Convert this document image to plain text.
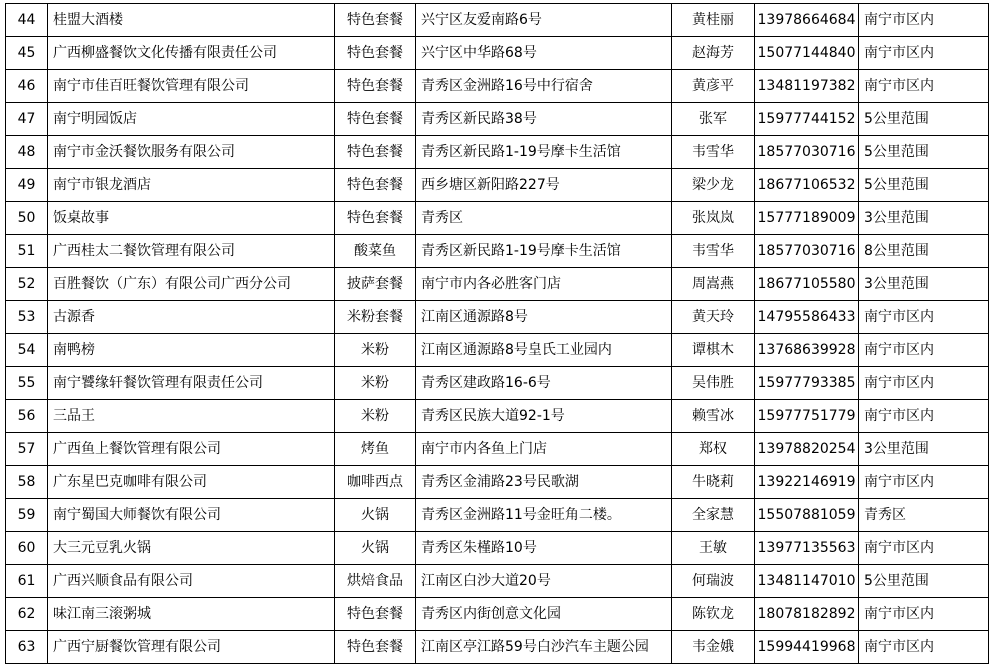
44	桂盟大酒楼	特色套餐	兴宁区友爱南路6号	黄桂丽	13978664684	南宁市区内
45	广西柳盛餐饮文化传播有限责任公司	特色套餐	兴宁区中华路68号	赵海芳	15077144840	南宁市区内
46	南宁市佳百旺餐饮管理有限公司	特色套餐	青秀区金洲路16号中行宿舍	黄彦平	13481197382	南宁市区内
47	南宁明园饭店	特色套餐	青秀区新民路38号	张军	15977744152	5公里范围
48	南宁市金沃餐饮服务有限公司	特色套餐	青秀区新民路1-19号摩卡生活馆	韦雪华	18577030716	5公里范围
49	南宁市银龙酒店	特色套餐	西乡塘区新阳路227号	梁少龙	18677106532	5公里范围
50	饭桌故事	特色套餐	青秀区	张岚岚	15777189009	3公里范围
51	广西桂太二餐饮管理有限公司	酸菜鱼	青秀区新民路1-19号摩卡生活馆	韦雪华	18577030716	8公里范围
52	百胜餐饮（广东）有限公司广西分公司	披萨套餐	南宁市内各必胜客门店	周嵩燕	18677105580	3公里范围
53	古源香	米粉套餐	江南区通源路8号	黄天玲	14795586433	南宁市区内
54	南鸭榜	米粉	江南区通源路8号皇氏工业园内	谭棋木	13768639928	南宁市区内
55	南宁饕缘轩餐饮管理有限责任公司	米粉	青秀区建政路16-6号	吴伟胜	15977793385	南宁市区内
56	三品王	米粉	青秀区民族大道92-1号	赖雪冰	15977751779	南宁市区内
57	广西鱼上餐饮管理有限公司	烤鱼	南宁市内各鱼上门店	郑权	13978820254	3公里范围
58	广东星巴克咖啡有限公司	咖啡西点	青秀区金浦路23号民歌湖	牛晓莉	13922146919	南宁市区内
59	南宁蜀国大师餐饮有限公司	火锅	青秀区金洲路11号金旺角二楼。	全家慧	15507881059	青秀区
60	大三元豆乳火锅	火锅	青秀区朱槿路10号	王敏	13977135563	南宁市区内
61	广西兴顺食品有限公司	烘焙食品	江南区白沙大道20号	何瑞波	13481147010	5公里范围
62	味江南三滚粥城	特色套餐	青秀区内街创意文化园	陈钦龙	18078182892	南宁市区内
63	广西宁厨餐饮管理有限公司	特色套餐	江南区亭江路59号白沙汽车主题公园	韦金娥	15994419968	南宁市区内
